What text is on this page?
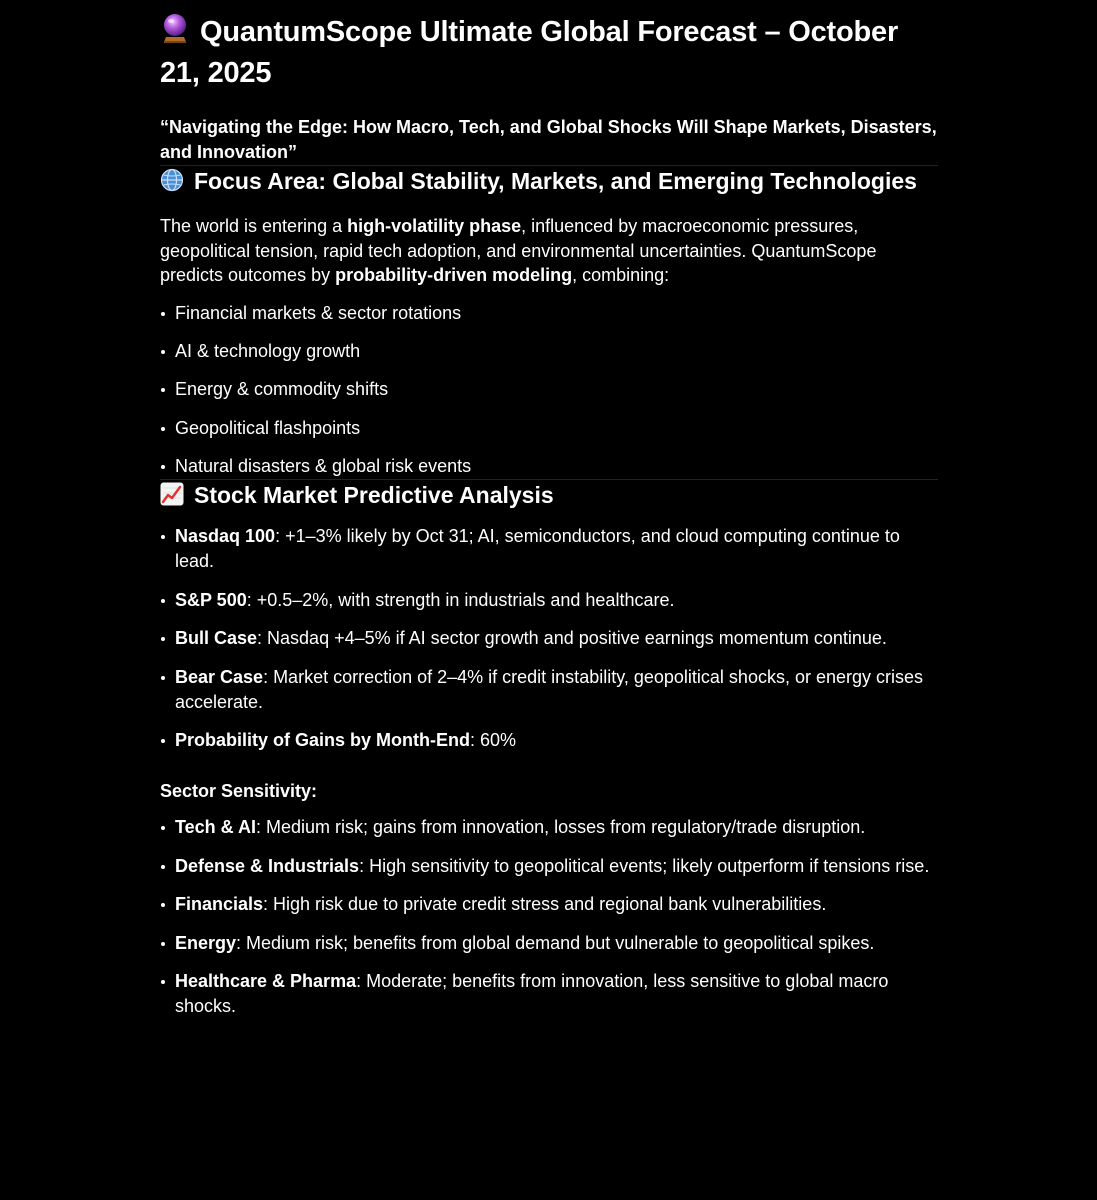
QuantumScope Ultimate Global Forecast – October 21, 2025

“Navigating the Edge: How Macro, Tech, and Global Shocks Will Shape Markets, Disasters, and Innovation”

Focus Area: Global Stability, Markets, and Emerging Technologies

The world is entering a high-volatility phase, influenced by macroeconomic pressures, geopolitical tension, rapid tech adoption, and environmental uncertainties. QuantumScope predicts outcomes by probability-driven modeling, combining:

Financial markets & sector rotations
AI & technology growth
Energy & commodity shifts
Geopolitical flashpoints
Natural disasters & global risk events
Stock Market Predictive Analysis
Nasdaq 100: +1–3% likely by Oct 31; AI, semiconductors, and cloud computing continue to lead.
S&P 500: +0.5–2%, with strength in industrials and healthcare.
Bull Case: Nasdaq +4–5% if AI sector growth and positive earnings momentum continue.
Bear Case: Market correction of 2–4% if credit instability, geopolitical shocks, or energy crises accelerate.
Probability of Gains by Month-End: 60%

Sector Sensitivity:

Tech & AI: Medium risk; gains from innovation, losses from regulatory/trade disruption.
Defense & Industrials: High sensitivity to geopolitical events; likely outperform if tensions rise.
Financials: High risk due to private credit stress and regional bank vulnerabilities.
Energy: Medium risk; benefits from global demand but vulnerable to geopolitical spikes.
Healthcare & Pharma: Moderate; benefits from innovation, less sensitive to global macro shocks.
